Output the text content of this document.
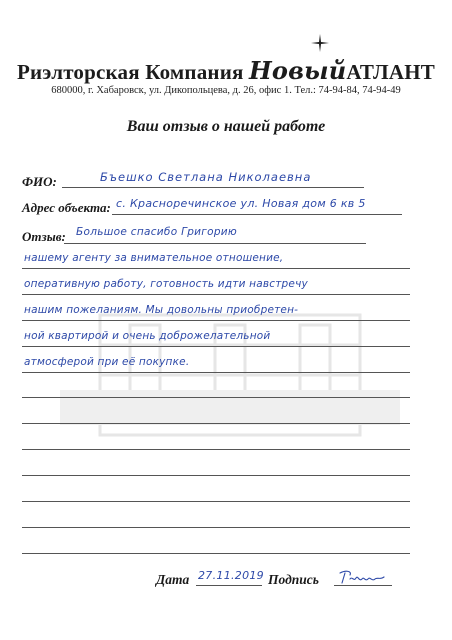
Риэлторская Компания НовыйАТЛАНТ
680000, г. Хабаровск, ул. Дикопольцева, д. 26, офис 1. Тел.: 74-94-84, 74-94-49
Ваш отзыв о нашей работе
ФИО:	Бъешко Светлана Николаевна
Адрес объекта: с. Красноречинское ул. Новая дом 6 кв 5
Отзыв: Большое спасибо Григорию
нашему агенту за внимательное отношение,
оперативную работу, готовность идти навстречу
нашим пожеланиям. Мы довольны приобретен-
ной квартирой и очень доброжелательной
атмосферой при её покупке.
Дата 27.11.2019 Подпись
